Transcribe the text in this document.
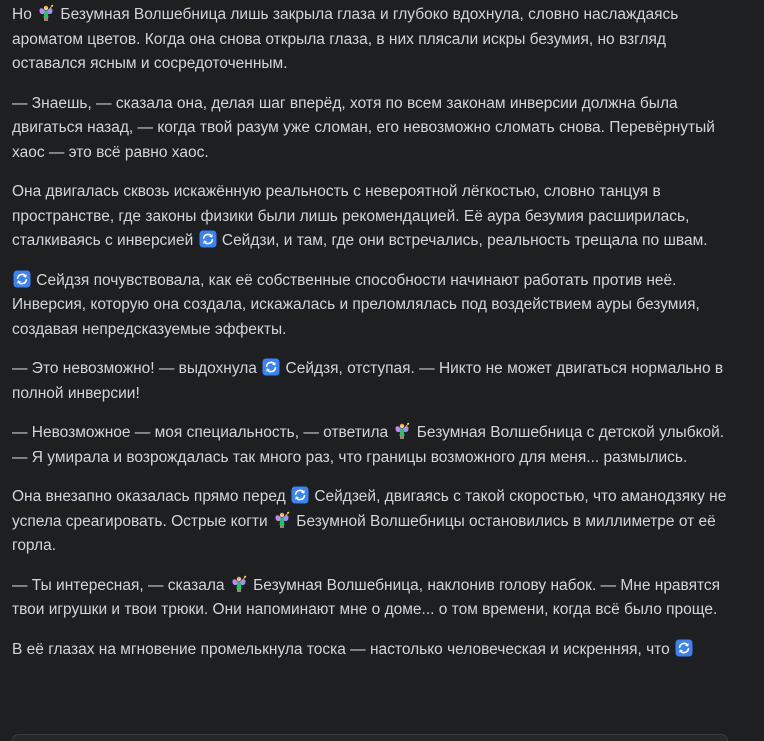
Но
Безумная Волшебница лишь закрыла глаза и глубоко вдохнула, словно наслаждаясь ароматом цветов. Когда она снова открыла глаза, в них плясали искры безумия, но взгляд оставался ясным и сосредоточенным.

— Знаешь, — сказала она, делая шаг вперёд, хотя по всем законам инверсии должна была двигаться назад, — когда твой разум уже сломан, его невозможно сломать снова. Перевёрнутый хаос — это всё равно хаос.

Она двигалась сквозь искажённую реальность с невероятной лёгкостью, словно танцуя в пространстве, где законы физики были лишь рекомендацией. Её аура безумия расширилась, сталкиваясь с инверсией
Сейдзи, и там, где они встречались, реальность трещала по швам.

Сейдзя почувствовала, как её собственные способности начинают работать против неё. Инверсия, которую она создала, искажалась и преломлялась под воздействием ауры безумия, создавая непредсказуемые эффекты.

— Это невозможно! — выдохнула
Сейдзя, отступая. — Никто не может двигаться нормально в полной инверсии!

— Невозможное — моя специальность, — ответила
Безумная Волшебница с детской улыбкой. — Я умирала и возрождалась так много раз, что границы возможного для меня... размылись.

Она внезапно оказалась прямо перед
Сейдзей, двигаясь с такой скоростью, что аманодзяку не успела среагировать. Острые когти
Безумной Волшебницы остановились в миллиметре от её горла.

— Ты интересная, — сказала
Безумная Волшебница, наклонив голову набок. — Мне нравятся твои игрушки и твои трюки. Они напоминают мне о доме... о том времени, когда всё было проще.

В её глазах на мгновение промелькнула тоска — настолько человеческая и искренняя, что
